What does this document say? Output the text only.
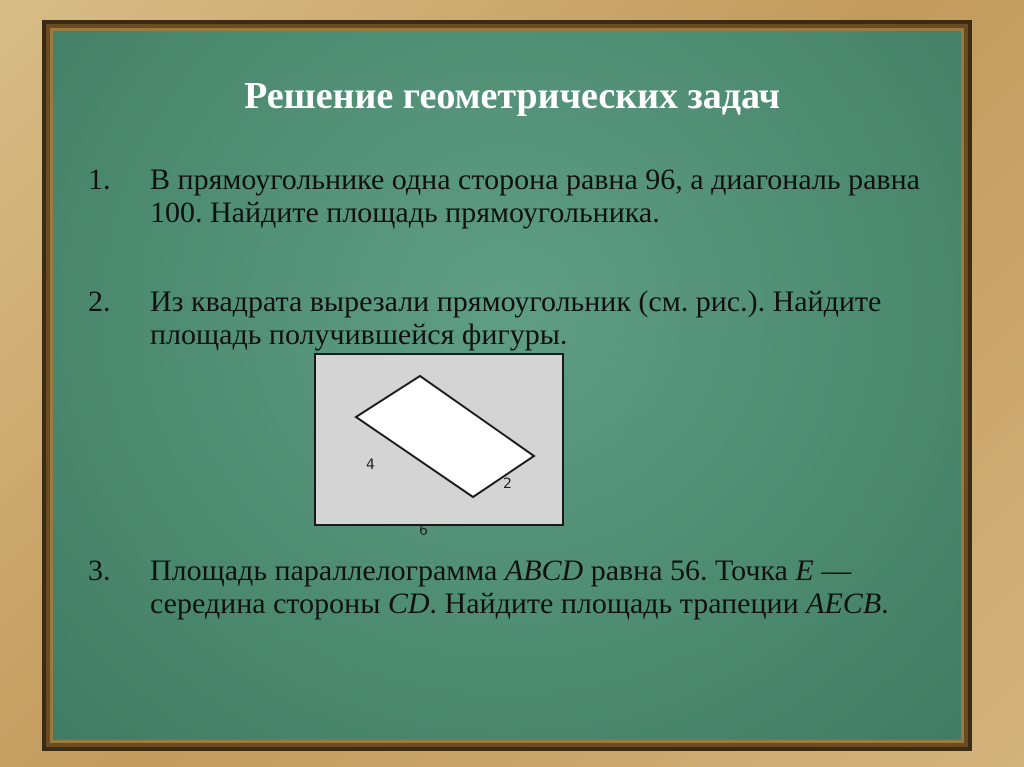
Решение геометрических задач
1. В прямоугольнике одна сторона равна 96, а диагональ равна 100. Найдите площадь прямоугольника.
2. Из квадрата вырезали прямоугольник (см. рис.). Найдите площадь получившейся фигуры.
4
2
6
3. Площадь параллелограмма ABCD равна 56. Точка E — середина стороны CD. Найдите площадь трапеции AECB.
